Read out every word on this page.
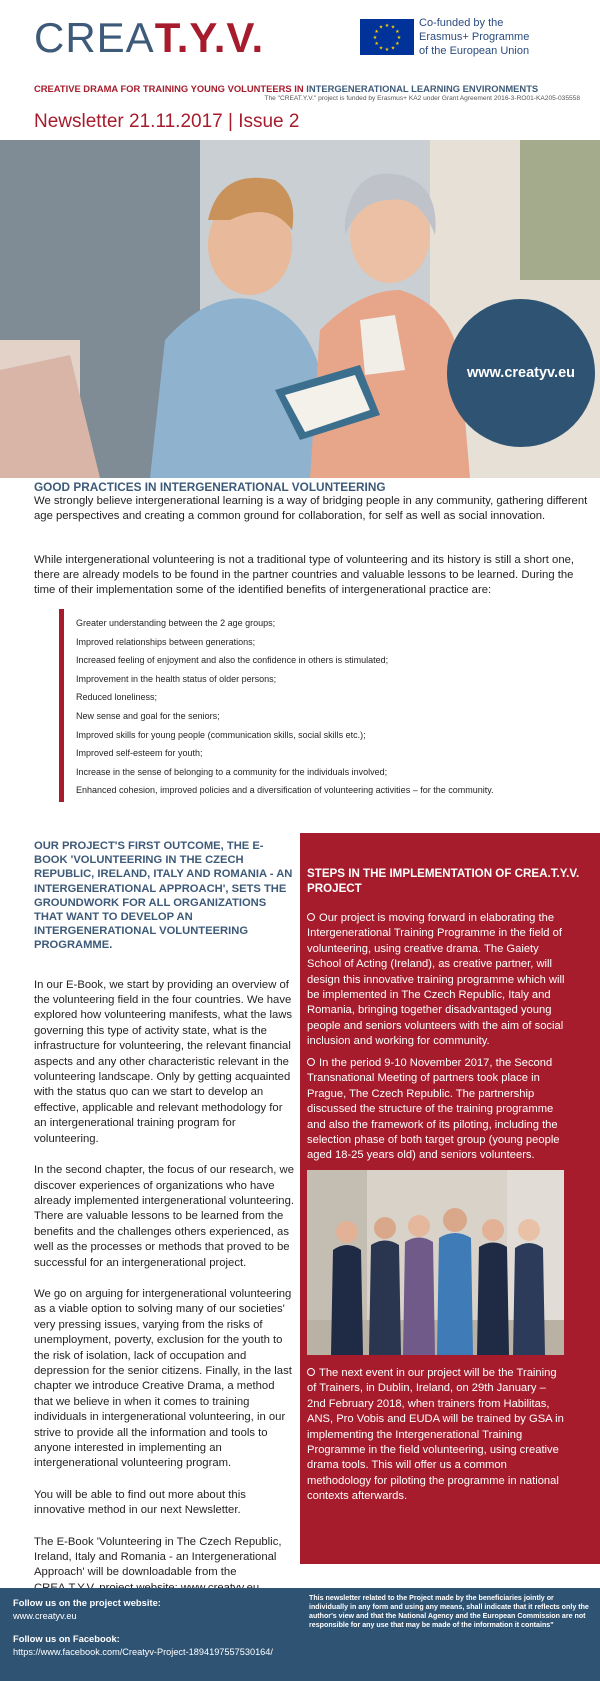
CREAT.Y.V.	★ ★
★
★
★
★
★
★
★
★
★
★	Co-funded by the
Erasmus+ Programme
of the European Union
CREATIVE DRAMA FOR TRAINING YOUNG VOLUNTEERS IN INTERGENERATIONAL LEARNING ENVIRONMENTS
The "CREAT.Y.V." project is funded by Erasmus+ KA2 under Grant Agreement 2016-3-RO01-KA205-035558
Newsletter 21.11.2017 | Issue 2
www.creatyv.eu
GOOD PRACTICES IN INTERGENERATIONAL VOLUNTEERING

We strongly believe intergenerational learning is a way of bridging people in any community, gathering different age perspectives and creating a common ground for collaboration, for self as well as social innovation.

While intergenerational volunteering is not a traditional type of volunteering and its history is still a short one, there are already models to be found in the partner countries and valuable lessons to be learned. During the time of their implementation some of the identified benefits of intergenerational practice are:

Greater understanding between the 2 age groups;
Improved relationships between generations;
Increased feeling of enjoyment and also the confidence in others is stimulated;
Improvement in the health status of older persons;
Reduced loneliness;
New sense and goal for the seniors;
Improved skills for young people (communication skills, social skills etc.);
Improved self-esteem for youth;
Increase in the sense of belonging to a community for the individuals involved;
Enhanced cohesion, improved policies and a diversification of volunteering activities – for the community.
OUR PROJECT'S FIRST OUTCOME, THE E-BOOK 'VOLUNTEERING IN THE CZECH REPUBLIC, IRELAND, ITALY AND ROMANIA - AN INTERGENERATIONAL APPROACH', SETS THE GROUNDWORK FOR ALL ORGANIZATIONS THAT WANT TO DEVELOP AN INTERGENERATIONAL VOLUNTEERING PROGRAMME.

In our E-Book, we start by providing an overview of the volunteering field in the four countries. We have explored how volunteering manifests, what the laws governing this type of activity state, what is the infrastructure for volunteering, the relevant financial aspects and any other characteristic relevant in the volunteering landscape. Only by getting acquainted with the status quo can we start to develop an effective, applicable and relevant methodology for an intergenerational training program for volunteering.

In the second chapter, the focus of our research, we discover experiences of organizations who have already implemented intergenerational volunteering. There are valuable lessons to be learned from the benefits and the challenges others experienced, as well as the processes or methods that proved to be successful for an intergenerational project.

We go on arguing for intergenerational volunteering as a viable option to solving many of our societies' very pressing issues, varying from the risks of unemployment, poverty, exclusion for the youth to the risk of isolation, lack of occupation and depression for the senior citizens. Finally, in the last chapter we introduce Creative Drama, a method that we believe in when it comes to training individuals in intergenerational volunteering, in our strive to provide all the information and tools to anyone interested in implementing an intergenerational volunteering program.

You will be able to find out more about this innovative method in our next Newsletter.

The E-Book 'Volunteering in The Czech Republic, Ireland, Italy and Romania - an Intergenerational Approach' will be downloadable from the

STEPS IN THE IMPLEMENTATION OF CREA.T.Y.V. PROJECT

Our project is moving forward in elaborating the Intergenerational Training Programme in the field of volunteering, using creative drama. The Gaiety School of Acting (Ireland), as creative partner, will design this innovative training programme which will be implemented in The Czech Republic, Italy and Romania, bringing together disadvantaged young people and seniors volunteers with the aim of social inclusion and working for community.

In the period 9-10 November 2017, the Second Transnational Meeting of partners took place in Prague, The Czech Republic. The partnership discussed the structure of the training programme and also the framework of its piloting, including the selection phase of both target group (young people aged 18-25 years old) and seniors volunteers.

The next event in our project will be the Training of Trainers, in Dublin, Ireland, on 29th January – 2nd February 2018, when trainers from Habilitas, ANS, Pro Vobis and EUDA will be trained by GSA in implementing the Intergenerational Training Programme in the field volunteering, using creative drama tools. This will offer us a common methodology for piloting the programme in national contexts afterwards.

Follow us on the project website:
www.creatyv.eu
Follow us on Facebook:
https://www.facebook.com/Creatyv-Project-1894197557530164/
This newsletter related to the Project made by the beneficiaries jointly or individually in any form and using any means, shall indicate that it reflects only the author's view and that the National Agency and the European Commission are not responsible for any use that may be made of the information it contains"
